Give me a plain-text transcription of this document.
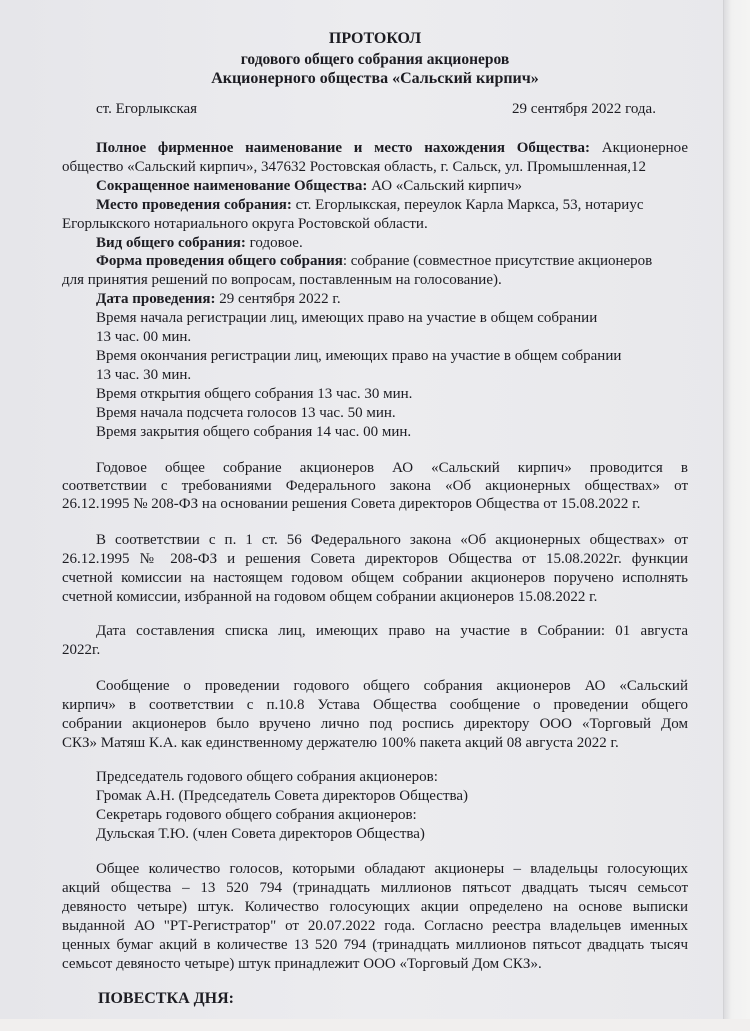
ПРОТОКОЛ
годового общего собрания акционеров
Акционерного общества «Сальский кирпич»
ст. Егорлыкская	29 сентября 2022 года.
Полное фирменное наименование и место нахождения Общества: Акционерное
общество «Сальский кирпич», 347632 Ростовская область, г. Сальск, ул. Промышленная,12
Сокращенное наименование Общества: АО «Сальский кирпич»
Место проведения собрания: ст. Егорлыкская, переулок Карла Маркса, 53, нотариус
Егорлыкского нотариального округа Ростовской области.
Вид общего собрания: годовое.
Форма проведения общего собрания: собрание (совместное присутствие акционеров
для принятия решений по вопросам, поставленным на голосование).
Дата проведения: 29 сентября 2022 г.
Время начала регистрации лиц, имеющих право на участие в общем собрании
13 час. 00 мин.
Время окончания регистрации лиц, имеющих право на участие в общем собрании
13 час. 30 мин.
Время открытия общего собрания 13 час. 30 мин.
Время начала подсчета голосов 13 час. 50 мин.
Время закрытия общего собрания 14 час. 00 мин.
Годовое общее собрание акционеров АО «Сальский кирпич» проводится в
соответствии с требованиями Федерального закона «Об акционерных обществах» от
26.12.1995 № 208-ФЗ на основании решения Совета директоров Общества от 15.08.2022 г.
В соответствии с п. 1 ст. 56 Федерального закона «Об акционерных обществах» от
26.12.1995 № 208-ФЗ и решения Совета директоров Общества от 15.08.2022г. функции
счетной комиссии на настоящем годовом общем собрании акционеров поручено исполнять
счетной комиссии, избранной на годовом общем собрании акционеров 15.08.2022 г.
Дата составления списка лиц, имеющих право на участие в Собрании: 01 августа
2022г.
Сообщение о проведении годового общего собрания акционеров АО «Сальский
кирпич» в соответствии с п.10.8 Устава Общества сообщение о проведении общего
собрании акционеров было вручено лично под роспись директору ООО «Торговый Дом
СКЗ» Матяш К.А. как единственному держателю 100% пакета акций 08 августа 2022 г.
Председатель годового общего собрания акционеров:
Громак А.Н. (Председатель Совета директоров Общества)
Секретарь годового общего собрания акционеров:
Дульская Т.Ю. (член Совета директоров Общества)
Общее количество голосов, которыми обладают акционеры – владельцы голосующих
акций общества – 13 520 794 (тринадцать миллионов пятьсот двадцать тысяч семьсот
девяносто четыре) штук. Количество голосующих акции определено на основе выписки
выданной АО "РТ-Регистратор" от 20.07.2022 года. Согласно реестра владельцев именных
ценных бумаг акций в количестве 13 520 794 (тринадцать миллионов пятьсот двадцать тысяч
семьсот девяносто четыре) штук принадлежит ООО «Торговый Дом СКЗ».
ПОВЕСТКА ДНЯ:
